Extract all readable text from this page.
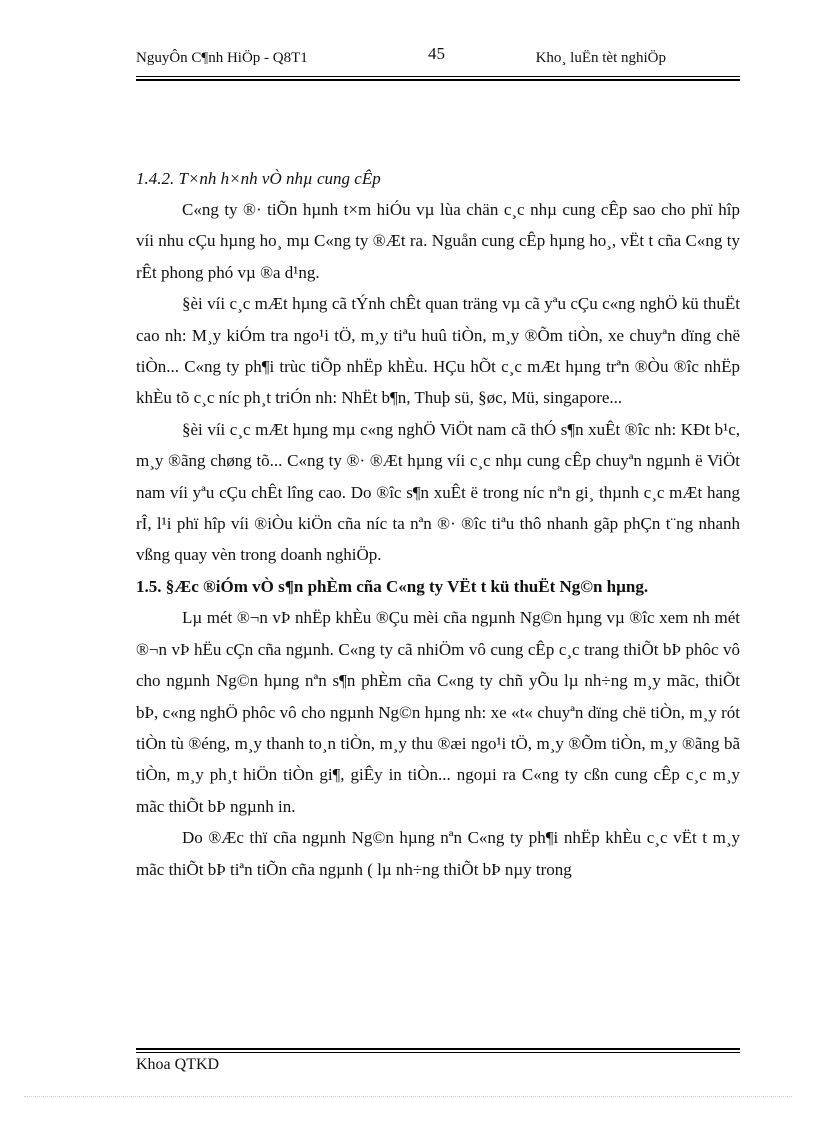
NguyÔn C¶nh HiÖp - Q8T1	45	Kho¸ luËn tèt nghiÖp
1.4.2. T×nh h×nh vÒ nhµ cung cÊp

C«ng ty ®· tiÕn hµnh t×m hiÓu vµ lùa chän c¸c nhµ cung cÊp sao cho phï hîp víi nhu cÇu hµng ho¸ mµ C«ng ty ®Æt ra. Nguån cung cÊp hµng ho¸, vËt t cña C«ng ty rÊt phong phó vµ ®a d¹ng.

§èi víi c¸c mÆt hµng cã tÝnh chÊt quan träng vµ cã yªu cÇu c«ng nghÖ kü thuËt cao nh: M¸y kiÓm tra ngo¹i tÖ, m¸y tiªu huû tiÒn, m¸y ®Õm tiÒn, xe chuyªn dïng chë tiÒn... C«ng ty ph¶i trùc tiÕp nhËp khÈu. HÇu hÕt c¸c mÆt hµng trªn ®Òu ®îc nhËp khÈu tõ c¸c níc ph¸t triÓn nh: NhËt b¶n, Thuþ sü, §øc, Mü, singapore...

§èi víi c¸c mÆt hµng mµ c«ng nghÖ ViÖt nam cã thÓ s¶n xuÊt ®îc nh: KÐt b¹c, m¸y ®ãng chøng tõ... C«ng ty ®· ®Æt hµng víi c¸c nhµ cung cÊp chuyªn ngµnh ë ViÖt nam víi yªu cÇu chÊt lîng cao. Do ®îc s¶n xuÊt ë trong níc nªn gi¸ thµnh c¸c mÆt hang rÎ, l¹i phï hîp víi ®iÒu kiÖn cña níc ta nªn ®· ®îc tiªu thô nhanh gãp phÇn t¨ng nhanh vßng quay vèn trong doanh nghiÖp.

1.5. §Æc ®iÓm vÒ s¶n phÈm cña C«ng ty VËt t kü thuËt Ng©n hµng.

Lµ mét ®¬n vÞ nhËp khÈu ®Çu mèi cña ngµnh Ng©n hµng vµ ®îc xem nh mét ®¬n vÞ hËu cÇn cña ngµnh. C«ng ty cã nhiÖm vô cung cÊp c¸c trang thiÕt bÞ phôc vô cho ngµnh Ng©n hµng nªn s¶n phÈm cña C«ng ty chñ yÕu lµ nh÷ng m¸y mãc, thiÕt bÞ, c«ng nghÖ phôc vô cho ngµnh Ng©n hµng nh: xe «t« chuyªn dïng chë tiÒn, m¸y rót tiÒn tù ®éng, m¸y thanh to¸n tiÒn, m¸y thu ®æi ngo¹i tÖ, m¸y ®Õm tiÒn, m¸y ®ãng bã tiÒn, m¸y ph¸t hiÖn tiÒn gi¶, giÊy in tiÒn... ngoµi ra C«ng ty cßn cung cÊp c¸c m¸y mãc thiÕt bÞ ngµnh in.

Do ®Æc thï cña ngµnh Ng©n hµng nªn C«ng ty ph¶i nhËp khÈu c¸c vËt t m¸y mãc thiÕt bÞ tiªn tiÕn cña ngµnh ( lµ nh÷ng thiÕt bÞ nµy trong

Khoa QTKD
